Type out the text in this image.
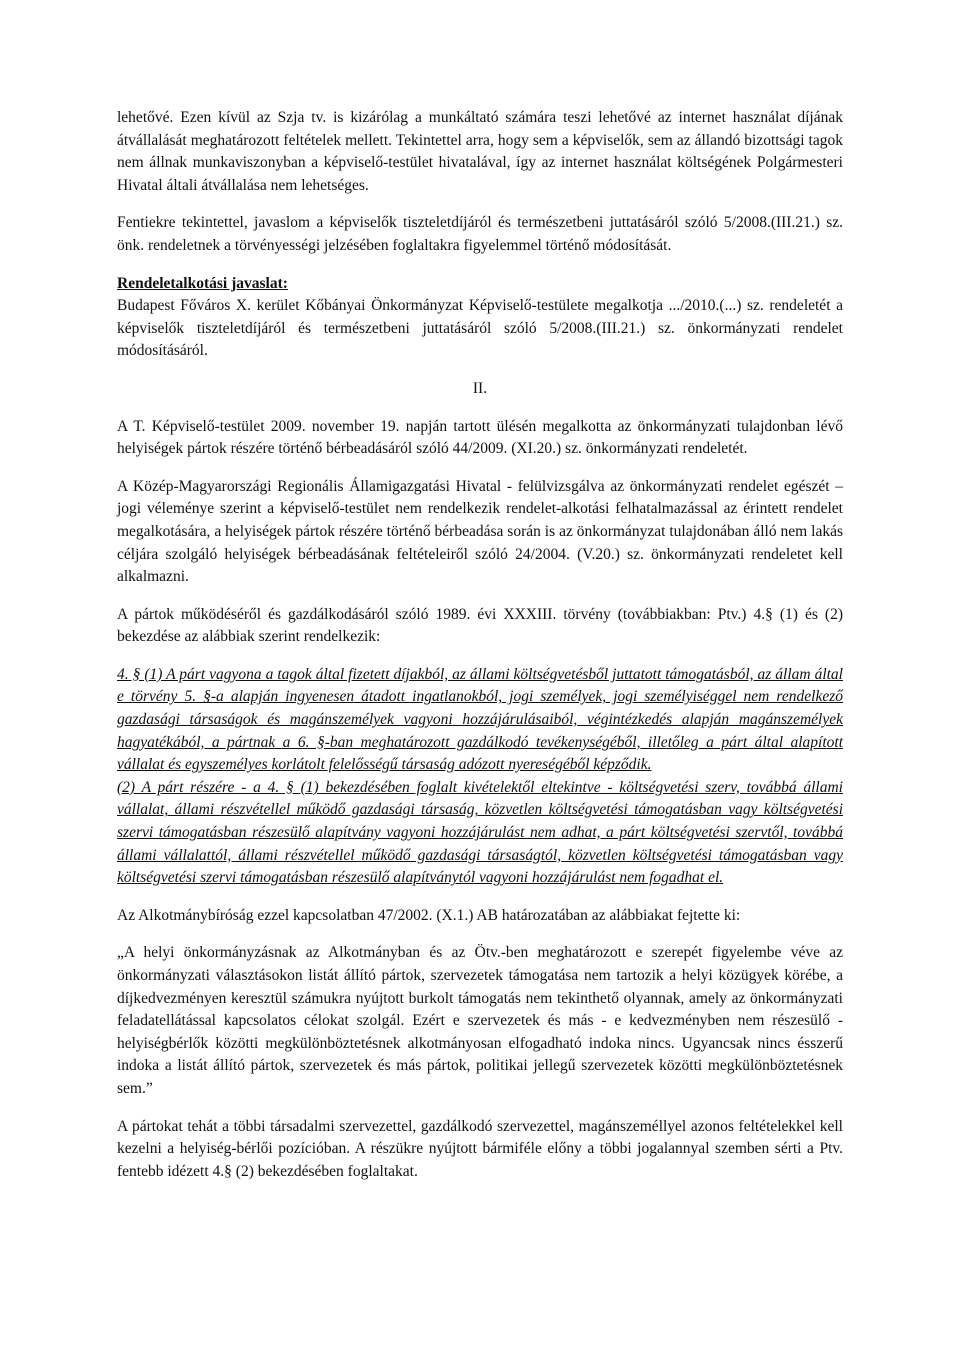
lehetővé. Ezen kívül az Szja tv. is kizárólag a munkáltató számára teszi lehetővé az internet használat díjának átvállalását meghatározott feltételek mellett. Tekintettel arra, hogy sem a képviselők, sem az állandó bizottsági tagok nem állnak munkaviszonyban a képviselő-testület hivatalával, így az internet használat költségének Polgármesteri Hivatal általi átvállalása nem lehetséges.

Fentiekre tekintettel, javaslom a képviselők tiszteletdíjáról és természetbeni juttatásáról szóló 5/2008.(III.21.) sz. önk. rendeletnek a törvényességi jelzésében foglaltakra figyelemmel történő módosítását.

Rendeletalkotási javaslat:

Budapest Főváros X. kerület Kőbányai Önkormányzat Képviselő-testülete megalkotja .../2010.(...) sz. rendeletét a képviselők tiszteletdíjáról és természetbeni juttatásáról szóló 5/2008.(III.21.) sz. önkormányzati rendelet módosításáról.

II.

A T. Képviselő-testület 2009. november 19. napján tartott ülésén megalkotta az önkormányzati tulajdonban lévő helyiségek pártok részére történő bérbeadásáról szóló 44/2009. (XI.20.) sz. önkormányzati rendeletét.

A Közép-Magyarországi Regionális Államigazgatási Hivatal - felülvizsgálva az önkormányzati rendelet egészét – jogi véleménye szerint a képviselő-testület nem rendelkezik rendelet-alkotási felhatalmazással az érintett rendelet megalkotására, a helyiségek pártok részére történő bérbeadása során is az önkormányzat tulajdonában álló nem lakás céljára szolgáló helyiségek bérbeadásának feltételeiről szóló 24/2004. (V.20.) sz. önkormányzati rendeletet kell alkalmazni.

A pártok működéséről és gazdálkodásáról szóló 1989. évi XXXIII. törvény (továbbiakban: Ptv.) 4.§ (1) és (2) bekezdése az alábbiak szerint rendelkezik:

4. § (1) A párt vagyona a tagok által fizetett díjakból, az állami költségvetésből juttatott támogatásból, az állam által e törvény 5. §-a alapján ingyenesen átadott ingatlanokból, jogi személyek, jogi személyiséggel nem rendelkező gazdasági társaságok és magánszemélyek vagyoni hozzájárulásaiból, végintézkedés alapján magánszemélyek hagyatékából, a pártnak a 6. §-ban meghatározott gazdálkodó tevékenységéből, illetőleg a párt által alapított vállalat és egyszemélyes korlátolt felelősségű társaság adózott nyereségéből képződik.

(2) A párt részére - a 4. § (1) bekezdésében foglalt kivételektől eltekintve - költségvetési szerv, továbbá állami vállalat, állami részvétellel működő gazdasági társaság, közvetlen költségvetési támogatásban vagy költségvetési szervi támogatásban részesülő alapítvány vagyoni hozzájárulást nem adhat, a párt költségvetési szervtől, továbbá állami vállalattól, állami részvétellel működő gazdasági társaságtól, közvetlen költségvetési támogatásban vagy költségvetési szervi támogatásban részesülő alapítványtól vagyoni hozzájárulást nem fogadhat el.

Az Alkotmánybíróság ezzel kapcsolatban 47/2002. (X.1.) AB határozatában az alábbiakat fejtette ki:

„A helyi önkormányzásnak az Alkotmányban és az Ötv.-ben meghatározott e szerepét figyelembe véve az önkormányzati választásokon listát állító pártok, szervezetek támogatása nem tartozik a helyi közügyek körébe, a díjkedvezményen keresztül számukra nyújtott burkolt támogatás nem tekinthető olyannak, amely az önkormányzati feladatellátással kapcsolatos célokat szolgál. Ezért e szervezetek és más - e kedvezményben nem részesülő - helyiségbérlők közötti megkülönböztetésnek alkotmányosan elfogadható indoka nincs. Ugyancsak nincs ésszerű indoka a listát állító pártok, szervezetek és más pártok, politikai jellegű szervezetek közötti megkülönböztetésnek sem.”

A pártokat tehát a többi társadalmi szervezettel, gazdálkodó szervezettel, magánszeméllyel azonos feltételekkel kell kezelni a helyiség-bérlői pozícióban. A részükre nyújtott bármiféle előny a többi jogalannyal szemben sérti a Ptv. fentebb idézett 4.§ (2) bekezdésében foglaltakat.
